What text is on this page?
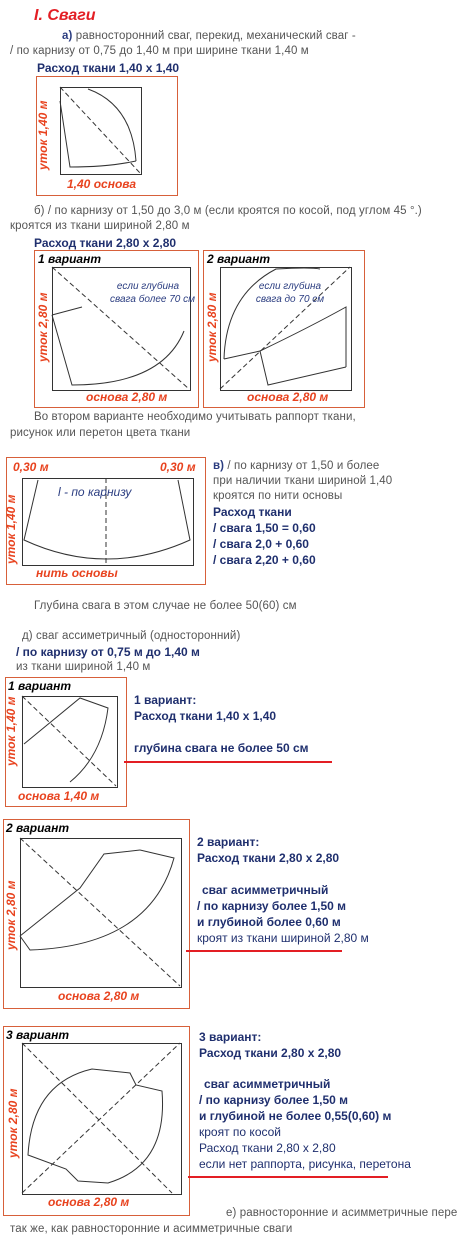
I. Сваги
а) равносторонний сваг, перекид, механический сваг -
/ по карнизу от 0,75 до 1,40 м при ширине ткани 1,40 м
Расход ткани 1,40 х 1,40
уток 1,40 м
1,40 основа
б) / по карнизу от 1,50 до 3,0 м (если кроятся по косой, под углом 45 °.)
кроятся из ткани шириной 2,80 м
Расход ткани 2,80 х 2,80
1 вариант
если глубина
свага более 70 см
уток 2,80 м
основа 2,80 м
2 вариант
если глубина
свага до 70 см
уток 2,80 м
основа 2,80 м
Во втором варианте необходимо учитывать раппорт ткани,
рисунок или перетон цвета ткани
0,30 м	0,30 м
l - по карнизу
уток 1,40 м
нить основы
в) / по карнизу от 1,50 и более
при наличии ткани шириной 1,40
кроятся по нити основы
Расход ткани
/ свага 1,50 = 0,60
/ свага 2,0 + 0,60
/ свага 2,20 + 0,60
Глубина свага в этом случае не более 50(60) см
д) сваг ассиметричный (односторонний)
/ по карнизу от 0,75 м до 1,40 м
из ткани шириной 1,40 м
1 вариант
уток 1,40 м
основа 1,40 м
1 вариант:
Расход ткани 1,40 х 1,40
глубина свага не более 50 см
2 вариант
уток 2,80 м
основа 2,80 м
2 вариант:
Расход ткани 2,80 х 2,80
сваг асимметричный
/ по карнизу более 1,50 м
и глубиной более 0,60 м
кроят из ткани шириной 2,80 м
3 вариант
уток 2,80 м
основа 2,80 м
3 вариант:
Расход ткани 2,80 х 2,80
сваг асимметричный
/ по карнизу более 1,50 м
и глубиной не более 0,55(0,60) м
кроят по косой
Расход ткани 2,80 х 2,80
если нет раппорта, рисунка, перетона
е) равносторонние и асимметричные пере
так же, как равносторонние и асимметричные сваги
